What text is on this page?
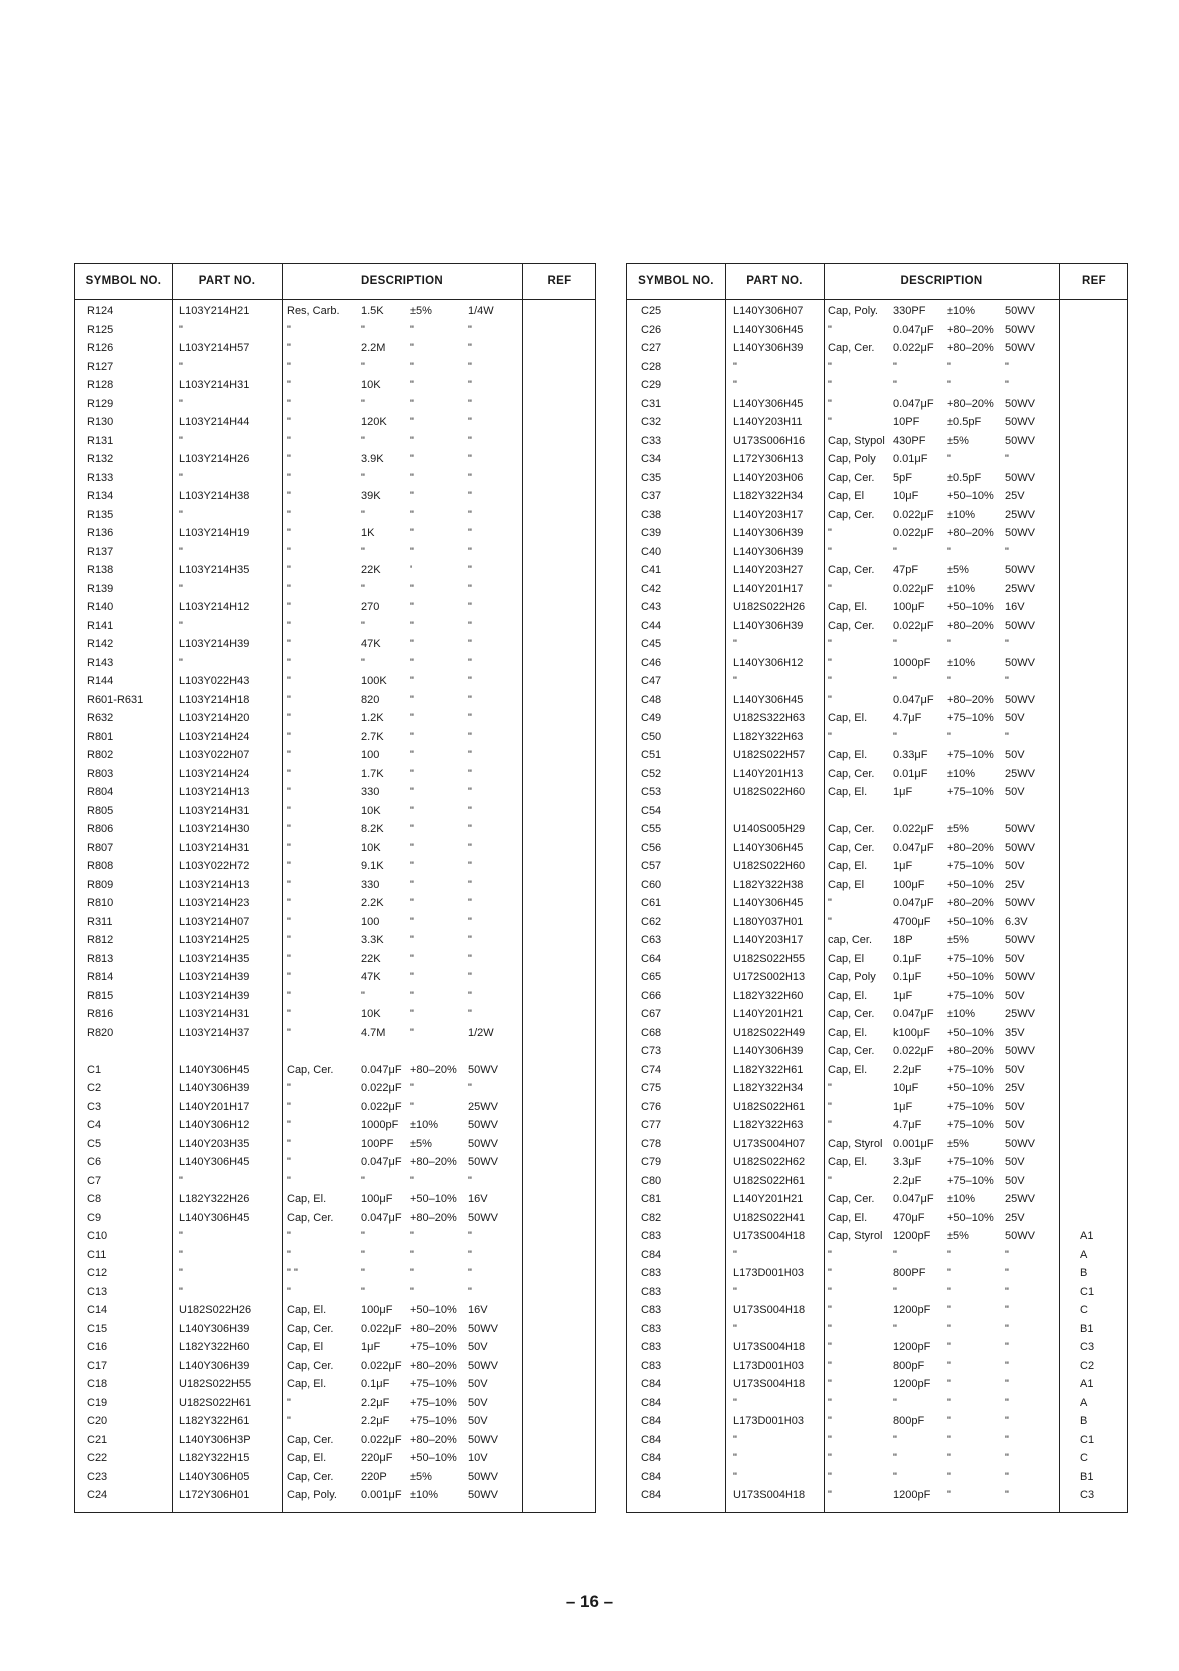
SYMBOL NO.	PART NO.	DESCRIPTION	REF
R124	L103Y214H21	Res, Carb. 1.5K ±5%	1/4W
R125	"	"	"	"	"
R126	L103Y214H57	"	2.2M "	"
R127	"	"	"	"	"
R128	L103Y214H31	"	10K	"	"
R129	"	"	"	"	"
R130	L103Y214H44	"	120K "	"
R131	"	"	"	"	"
R132	L103Y214H26	"	3.9K "	"
R133	"	"	"	"	"
R134	L103Y214H38	"	39K	"	"
R135	"	"	"	"	"
R136	L103Y214H19	"	1K	"	"
R137	"	"	"	"	"
R138	L103Y214H35	"	22K	'	"
R139	"	"	"	"	"
R140	L103Y214H12	"	270	"	"
R141	"	"	"	"	"
R142	L103Y214H39	"	47K	"	"
R143	"	"	"	"	"
R144	L103Y022H43	"	100K "	"
R601-R631	L103Y214H18	"	820	"	"
R632	L103Y214H20	"	1.2K "	"
R801	L103Y214H24	"	2.7K "	"
R802	L103Y022H07	"	100	"	"
R803	L103Y214H24	"	1.7K "	"
R804	L103Y214H13	"	330	"	"
R805	L103Y214H31	"	10K	"	"
R806	L103Y214H30	"	8.2K "	"
R807	L103Y214H31	"	10K	"	"
R808	L103Y022H72	"	9.1K "	"
R809	L103Y214H13	"	330	"	"
R810	L103Y214H23	"	2.2K "	"
R311	L103Y214H07	"	100	"	"
R812	L103Y214H25	"	3.3K "	"
R813	L103Y214H35	"	22K	"	"
R814	L103Y214H39	"	47K	"	"
R815	L103Y214H39	"	"	"	"
R816	L103Y214H31	"	10K	"	"
R820	L103Y214H37	"	4.7M "	1/2W
C1	L140Y306H45	Cap, Cer.	0.047μF +80–20% 50WV
C2	L140Y306H39	"	0.022μF "	"
C3	L140Y201H17	"	0.022μF "	25WV
C4	L140Y306H12	"	1000pF ±10%	50WV
C5	L140Y203H35	"	100PF ±5%	50WV
C6	L140Y306H45	"	0.047μF +80–20% 50WV
C7	"	"	"	"	"
C8	L182Y322H26	Cap, El.	100μF +50–10% 16V
C9	L140Y306H45	Cap, Cer.	0.047μF +80–20% 50WV
C10	"	"	"	"	"
C11	"	"	"	"	"
C12	"	" "	"	"	"
C13	"	"	"	"	"
C14	U182S022H26	Cap, El.	100μF +50–10% 16V
C15	L140Y306H39	Cap, Cer.	0.022μF +80–20% 50WV
C16	L182Y322H60	Cap, El	1μF	+75–10% 50V
C17	L140Y306H39	Cap, Cer.	0.022μF +80–20% 50WV
C18	U182S022H55	Cap, El.	0.1μF +75–10% 50V
C19	U182S022H61	"	2.2μF +75–10% 50V
C20	L182Y322H61	"	2.2μF +75–10% 50V
C21	L140Y306H3P	Cap, Cer.	0.022μF +80–20% 50WV
C22	L182Y322H15	Cap, El.	220μF +50–10% 10V
C23	L140Y306H05	Cap, Cer.	220P ±5%	50WV
C24	L172Y306H01	Cap, Poly. 0.001μF ±10%	50WV
SYMBOL NO.	PART NO.	DESCRIPTION	REF
C25	L140Y306H07 Cap, Poly. 330PF ±10%	50WV
C26	L140Y306H45 "	0.047μF +80–20% 50WV
C27	L140Y306H39 Cap, Cer. 0.022μF +80–20% 50WV
C28	"	"	"	"	"
C29	"	"	"	"	"
C31	L140Y306H45 "	0.047μF +80–20% 50WV
C32	L140Y203H11 "	10PF	±0.5pF 50WV
C33	U173S006H16 Cap, Stypol 430PF ±5%	50WV
C34	L172Y306H13 Cap, Poly 0.01μF "	"
C35	L140Y203H06 Cap, Cer. 5pF	±0.5pF 50WV
C37	L182Y322H34 Cap, El	10μF	+50–10% 25V
C38	L140Y203H17 Cap, Cer. 0.022μF ±10%	25WV
C39	L140Y306H39 "	0.022μF +80–20% 50WV
C40	L140Y306H39 "	"	"	"
C41	L140Y203H27 Cap, Cer. 47pF	±5%	50WV
C42	L140Y201H17 "	0.022μF ±10%	25WV
C43	U182S022H26 Cap, El. 100μF +50–10% 16V
C44	L140Y306H39 Cap, Cer. 0.022μF +80–20% 50WV
C45	"	"	"	"	"
C46	L140Y306H12 "	1000pF ±10%	50WV
C47	"	"	"	"	"
C48	L140Y306H45 "	0.047μF +80–20% 50WV
C49	U182S322H63 Cap, El. 4.7μF +75–10% 50V
C50	L182Y322H63 "	"	"	"
C51	U182S022H57 Cap, El. 0.33μF +75–10% 50V
C52	L140Y201H13 Cap, Cer. 0.01μF ±10%	25WV
C53	U182S022H60 Cap, El. 1μF	+75–10% 50V
C54
C55	U140S005H29 Cap, Cer. 0.022μF ±5%	50WV
C56	L140Y306H45 Cap, Cer. 0.047μF +80–20% 50WV
C57	U182S022H60 Cap, El. 1μF	+75–10% 50V
C60	L182Y322H38 Cap, El	100μF +50–10% 25V
C61	L140Y306H45 "	0.047μF +80–20% 50WV
C62	L180Y037H01 "	4700μF +50–10% 6.3V
C63	L140Y203H17 cap, Cer. 18P	±5%	50WV
C64	U182S022H55 Cap, El	0.1μF +75–10% 50V
C65	U172S002H13 Cap, Poly 0.1μF +50–10% 50WV
C66	L182Y322H60 Cap, El. 1μF	+75–10% 50V
C67	L140Y201H21 Cap, Cer. 0.047μF ±10%	25WV
C68	U182S022H49 Cap, El. k100μF +50–10% 35V
C73	L140Y306H39 Cap, Cer. 0.022μF +80–20% 50WV
C74	L182Y322H61 Cap, El. 2.2μF +75–10% 50V
C75	L182Y322H34 "	10μF	+50–10% 25V
C76	U182S022H61 "	1μF	+75–10% 50V
C77	L182Y322H63 "	4.7μF +75–10% 50V
C78	U173S004H07 Cap, Styrol 0.001μF ±5%	50WV
C79	U182S022H62 Cap, El. 3.3μF +75–10% 50V
C80	U182S022H61 "	2.2μF +75–10% 50V
C81	L140Y201H21 Cap, Cer. 0.047μF ±10%	25WV
C82	U182S022H41 Cap, El. 470μF +50–10% 25V
C83	U173S004H18 Cap, Styrol 1200pF ±5%	50WV	A1
C84	"	"	"	"	"	A
C83	L173D001H03 "	800PF "	"	B
C83	"	"	"	"	"	C1
C83	U173S004H18 "	1200pF "	"	C
C83	"	"	"	"	"	B1
C83	U173S004H18 "	1200pF "	"	C3
C83	L173D001H03 "	800pF "	"	C2
C84	U173S004H18 "	1200pF "	"	A1
C84	"	"	"	"	"	A
C84	L173D001H03 "	800pF "	"	B
C84	"	"	"	"	"	C1
C84	"	"	"	"	"	C
C84	"	"	"	"	"	B1
C84	U173S004H18 "	1200pF "	"	C3
– 16 –
